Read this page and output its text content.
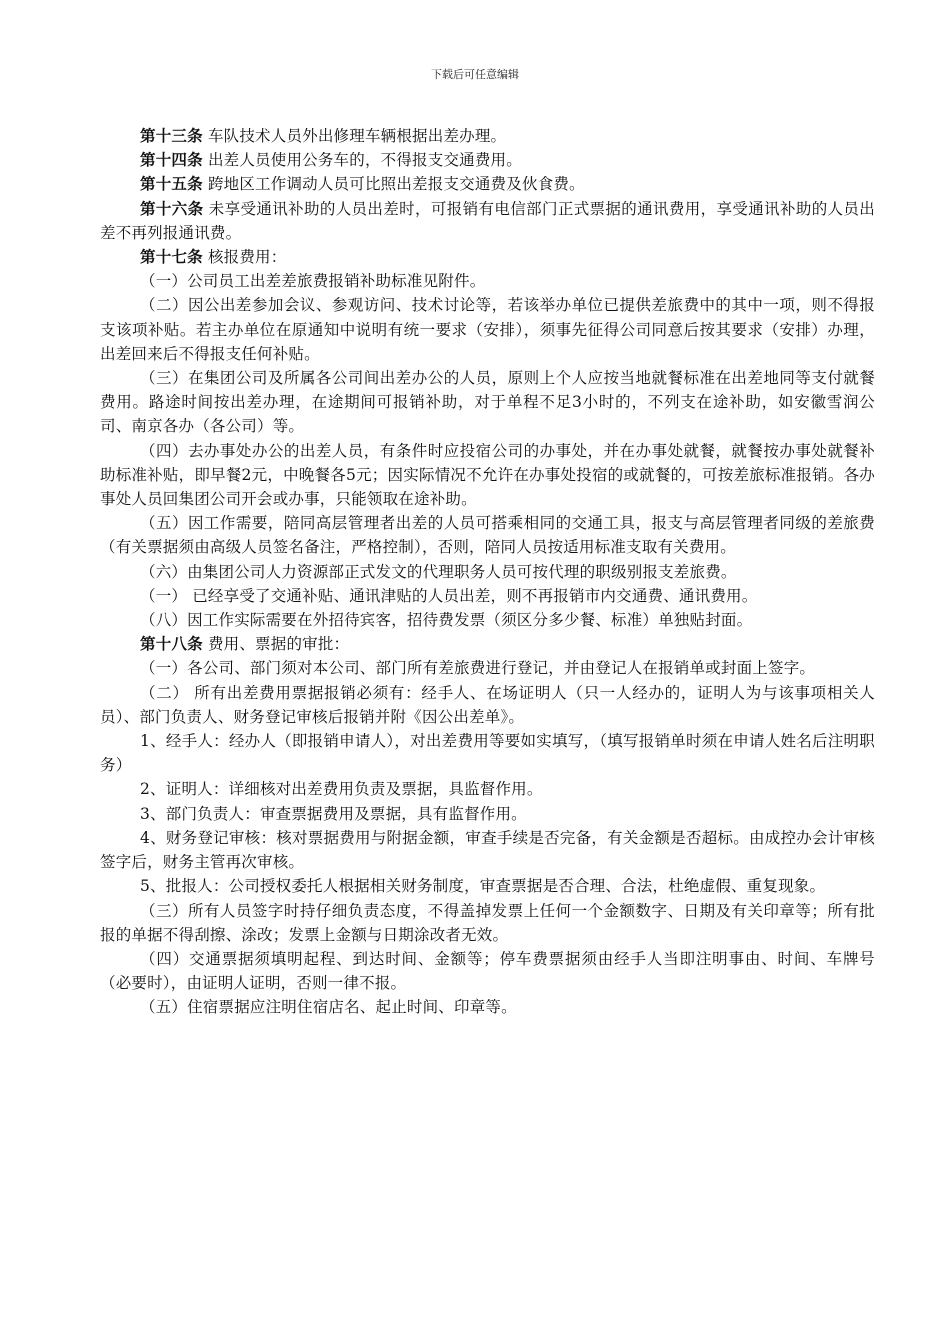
下载后可任意编辑

第十三条 车队技术人员外出修理车辆根据出差办理。

第十四条 出差人员使用公务车的，不得报支交通费用。

第十五条 跨地区工作调动人员可比照出差报支交通费及伙食费。

第十六条 未享受通讯补助的人员出差时，可报销有电信部门正式票据的通讯费用，享受通讯补助的人员出差不再列报通讯费。

第十七条 核报费用：

（一）公司员工出差差旅费报销补助标准见附件。

（二）因公出差参加会议、参观访问、技术讨论等，若该举办单位已提供差旅费中的其中一项，则不得报支该项补贴。若主办单位在原通知中说明有统一要求（安排），须事先征得公司同意后按其要求（安排）办理，出差回来后不得报支任何补贴。

（三）在集团公司及所属各公司间出差办公的人员，原则上个人应按当地就餐标准在出差地同等支付就餐费用。路途时间按出差办理，在途期间可报销补助，对于单程不足3小时的，不列支在途补助，如安徽雪润公司、南京各办（各公司）等。

（四）去办事处办公的出差人员，有条件时应投宿公司的办事处，并在办事处就餐，就餐按办事处就餐补助标准补贴，即早餐2元，中晚餐各5元；因实际情况不允许在办事处投宿的或就餐的，可按差旅标准报销。各办事处人员回集团公司开会或办事，只能领取在途补助。

（五）因工作需要，陪同高层管理者出差的人员可搭乘相同的交通工具，报支与高层管理者同级的差旅费（有关票据须由高级人员签名备注，严格控制），否则，陪同人员按适用标准支取有关费用。

（六）由集团公司人力资源部正式发文的代理职务人员可按代理的职级别报支差旅费。

（一） 已经享受了交通补贴、通讯津贴的人员出差，则不再报销市内交通费、通讯费用。

（八）因工作实际需要在外招待宾客，招待费发票（须区分多少餐、标准）单独贴封面。

第十八条 费用、票据的审批：

（一）各公司、部门须对本公司、部门所有差旅费进行登记，并由登记人在报销单或封面上签字。

（二） 所有出差费用票据报销必须有：经手人、在场证明人（只一人经办的，证明人为与该事项相关人员）、部门负责人、财务登记审核后报销并附《因公出差单》。

1、经手人：经办人（即报销申请人），对出差费用等要如实填写，（填写报销单时须在申请人姓名后注明职务）

2、证明人：详细核对出差费用负责及票据，具监督作用。

3、部门负责人：审查票据费用及票据，具有监督作用。

4、财务登记审核：核对票据费用与附据金额，审查手续是否完备，有关金额是否超标。由成控办会计审核签字后，财务主管再次审核。

5、批报人：公司授权委托人根据相关财务制度，审查票据是否合理、合法，杜绝虚假、重复现象。

（三）所有人员签字时持仔细负责态度，不得盖掉发票上任何一个金额数字、日期及有关印章等；所有批报的单据不得刮擦、涂改；发票上金额与日期涂改者无效。

（四）交通票据须填明起程、到达时间、金额等；停车费票据须由经手人当即注明事由、时间、车牌号（必要时），由证明人证明，否则一律不报。

（五）住宿票据应注明住宿店名、起止时间、印章等。
